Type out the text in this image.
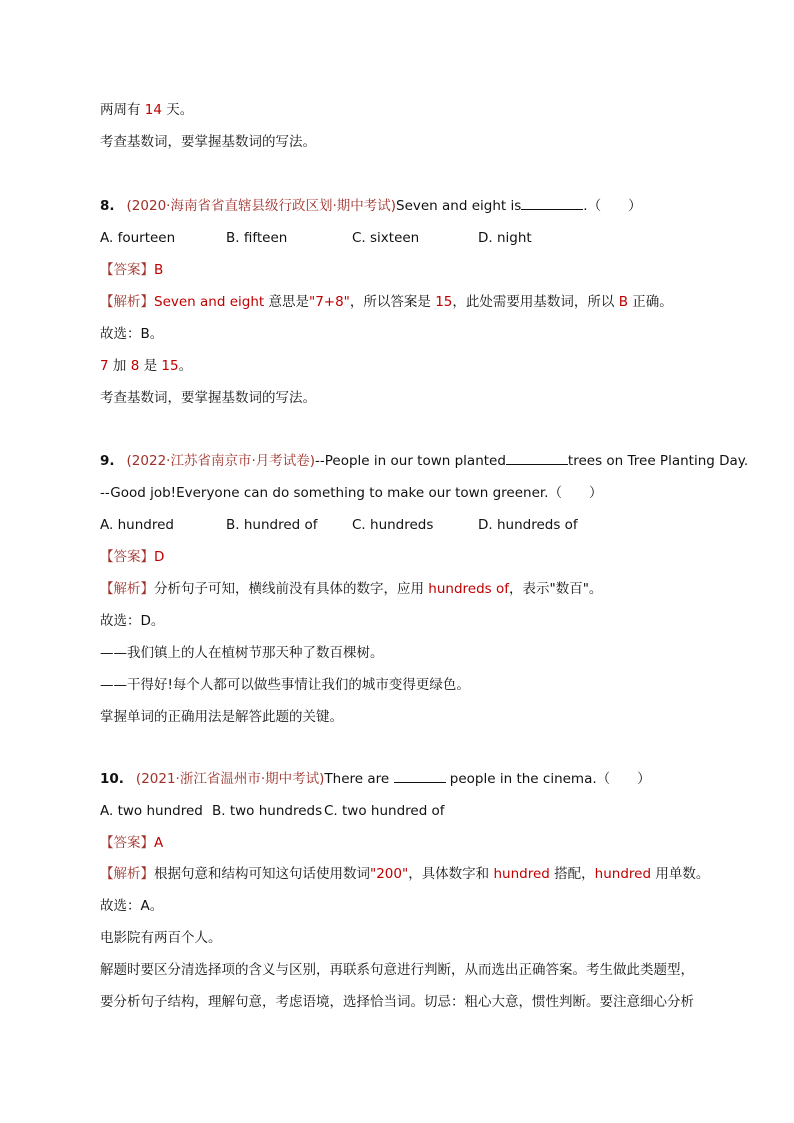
两周有 14 天。
考查基数词，要掌握基数词的写法。
8. (2020·海南省省直辖县级行政区划·期中考试)Seven and eight is	.（　　）
A. fourteen	B. fifteen	C. sixteen	D. night
【答案】B
【解析】Seven and eight 意思是"7+8"，所以答案是 15，此处需要用基数词，所以 B 正确。
故选：B。
7 加 8 是 15。
考查基数词，要掌握基数词的写法。
9. (2022·江苏省南京市·月考试卷)--People in our town planted	trees on Tree Planting Day.
--Good job!Everyone can do something to make our town greener.（　　）
A. hundred	B. hundred of	C. hundreds	D. hundreds of
【答案】D
【解析】分析句子可知，横线前没有具体的数字，应用 hundreds of，表示"数百"。
故选：D。
——我们镇上的人在植树节那天种了数百棵树。
——干得好!每个人都可以做些事情让我们的城市变得更绿色。
掌握单词的正确用法是解答此题的关键。
10. (2021·浙江省温州市·期中考试)There are	people in the cinema.（　　）
A. two hundred B. two hundreds C. two hundred of
【答案】A
【解析】根据句意和结构可知这句话使用数词"200"，具体数字和 hundred 搭配，hundred 用单数。
故选：A。
电影院有两百个人。
解题时要区分清选择项的含义与区别，再联系句意进行判断，从而选出正确答案。考生做此类题型，
要分析句子结构，理解句意，考虑语境，选择恰当词。切忌：粗心大意，惯性判断。要注意细心分析
